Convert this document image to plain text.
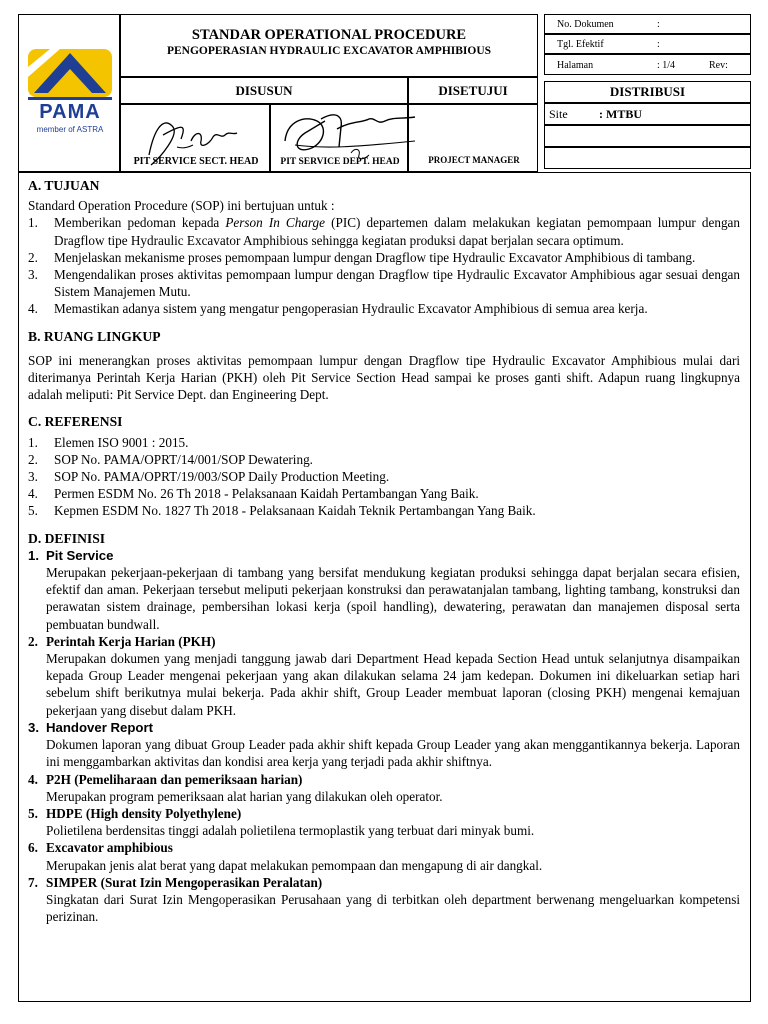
PAMA
member of ASTRA
STANDAR OPERATIONAL PROCEDURE
PENGOPERASIAN HYDRAULIC EXCAVATOR AMPHIBIOUS
DISUSUN	DISETUJUI
PIT SERVICE SECT. HEAD	PIT SERVICE DEPT. HEAD	PROJECT MANAGER
No. Dokumen	:
Tgl. Efektif	:
Halaman	: 1/4	Rev:
DISTRIBUSI
Site	: MTBU
A. TUJUAN

Standard Operation Procedure (SOP) ini bertujuan untuk :

1.	Memberikan pedoman kepada Person In Charge (PIC) departemen dalam melakukan kegiatan pemompaan lumpur dengan Dragflow tipe Hydraulic Excavator Amphibious sehingga kegiatan produksi dapat berjalan secara optimum.
2.	Menjelaskan mekanisme proses pemompaan lumpur dengan Dragflow tipe Hydraulic Excavator Amphibious di tambang.
3.	Mengendalikan proses aktivitas pemompaan lumpur dengan Dragflow tipe Hydraulic Excavator Amphibious agar sesuai dengan Sistem Manajemen Mutu.
4.	Memastikan adanya sistem yang mengatur pengoperasian Hydraulic Excavator Amphibious di semua area kerja.
B. RUANG LINGKUP

SOP ini menerangkan proses aktivitas pemompaan lumpur dengan Dragflow tipe Hydraulic Excavator Amphibious mulai dari diterimanya Perintah Kerja Harian (PKH) oleh Pit Service Section Head sampai ke proses ganti shift. Adapun ruang lingkupnya adalah meliputi: Pit Service Dept. dan Engineering Dept.

C. REFERENSI
1.	Elemen ISO 9001 : 2015.
2.	SOP No. PAMA/OPRT/14/001/SOP Dewatering.
3.	SOP No. PAMA/OPRT/19/003/SOP Daily Production Meeting.
4.	Permen ESDM No. 26 Th 2018 - Pelaksanaan Kaidah Pertambangan Yang Baik.
5.	Kepmen ESDM No. 1827 Th 2018 - Pelaksanaan Kaidah Teknik Pertambangan Yang Baik.
D. DEFINISI
1. Pit Service

Merupakan pekerjaan-pekerjaan di tambang yang bersifat mendukung kegiatan produksi sehingga dapat berjalan secara efisien, efektif dan aman. Pekerjaan tersebut meliputi pekerjaan konstruksi dan perawatanjalan tambang, lighting tambang, konstruksi dan perawatan sistem drainage, pembersihan lokasi kerja (spoil handling), dewatering, perawatan dan manajemen disposal serta pembuatan bundwall.

2. Perintah Kerja Harian (PKH)

Merupakan dokumen yang menjadi tanggung jawab dari Department Head kepada Section Head untuk selanjutnya disampaikan kepada Group Leader mengenai pekerjaan yang akan dilakukan selama 24 jam kedepan. Dokumen ini dikeluarkan setiap hari sebelum shift berikutnya mulai bekerja. Pada akhir shift, Group Leader membuat laporan (closing PKH) mengenai kemajuan pekerjaan yang disebut dalam PKH.

3. Handover Report

Dokumen laporan yang dibuat Group Leader pada akhir shift kepada Group Leader yang akan menggantikannya bekerja. Laporan ini menggambarkan aktivitas dan kondisi area kerja yang terjadi pada akhir shiftnya.

4. P2H (Pemeliharaan dan pemeriksaan harian)

Merupakan program pemeriksaan alat harian yang dilakukan oleh operator.

5. HDPE (High density Polyethylene)

Polietilena berdensitas tinggi adalah polietilena termoplastik yang terbuat dari minyak bumi.

6. Excavator amphibious

Merupakan jenis alat berat yang dapat melakukan pemompaan dan mengapung di air dangkal.

7. SIMPER (Surat Izin Mengoperasikan Peralatan)

Singkatan dari Surat Izin Mengoperasikan Perusahaan yang di terbitkan oleh department berwenang mengeluarkan kompetensi perizinan.
